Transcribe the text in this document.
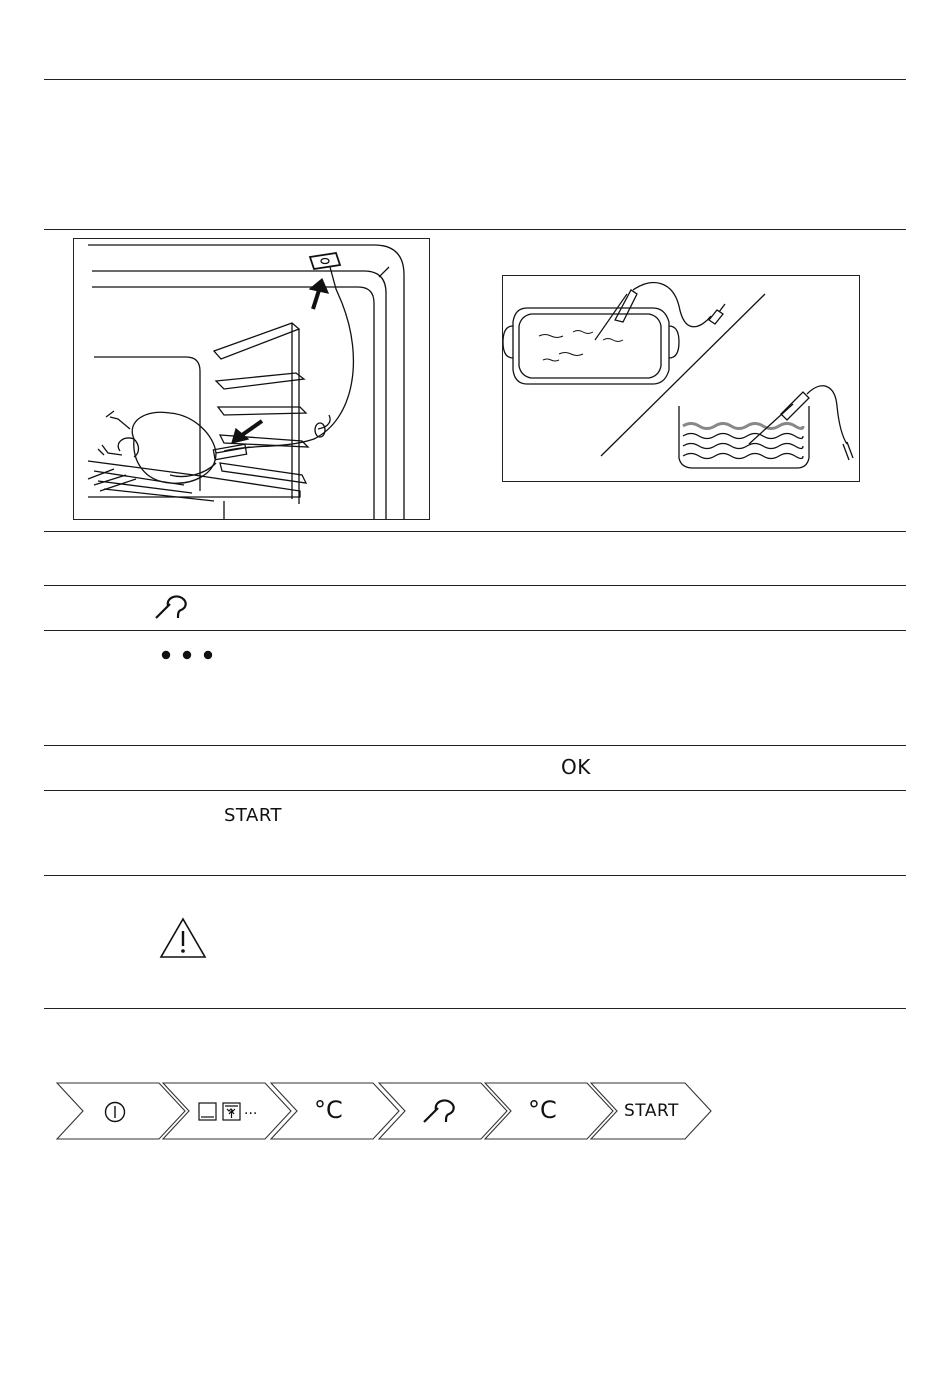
OK
START
... °C	°C	START
